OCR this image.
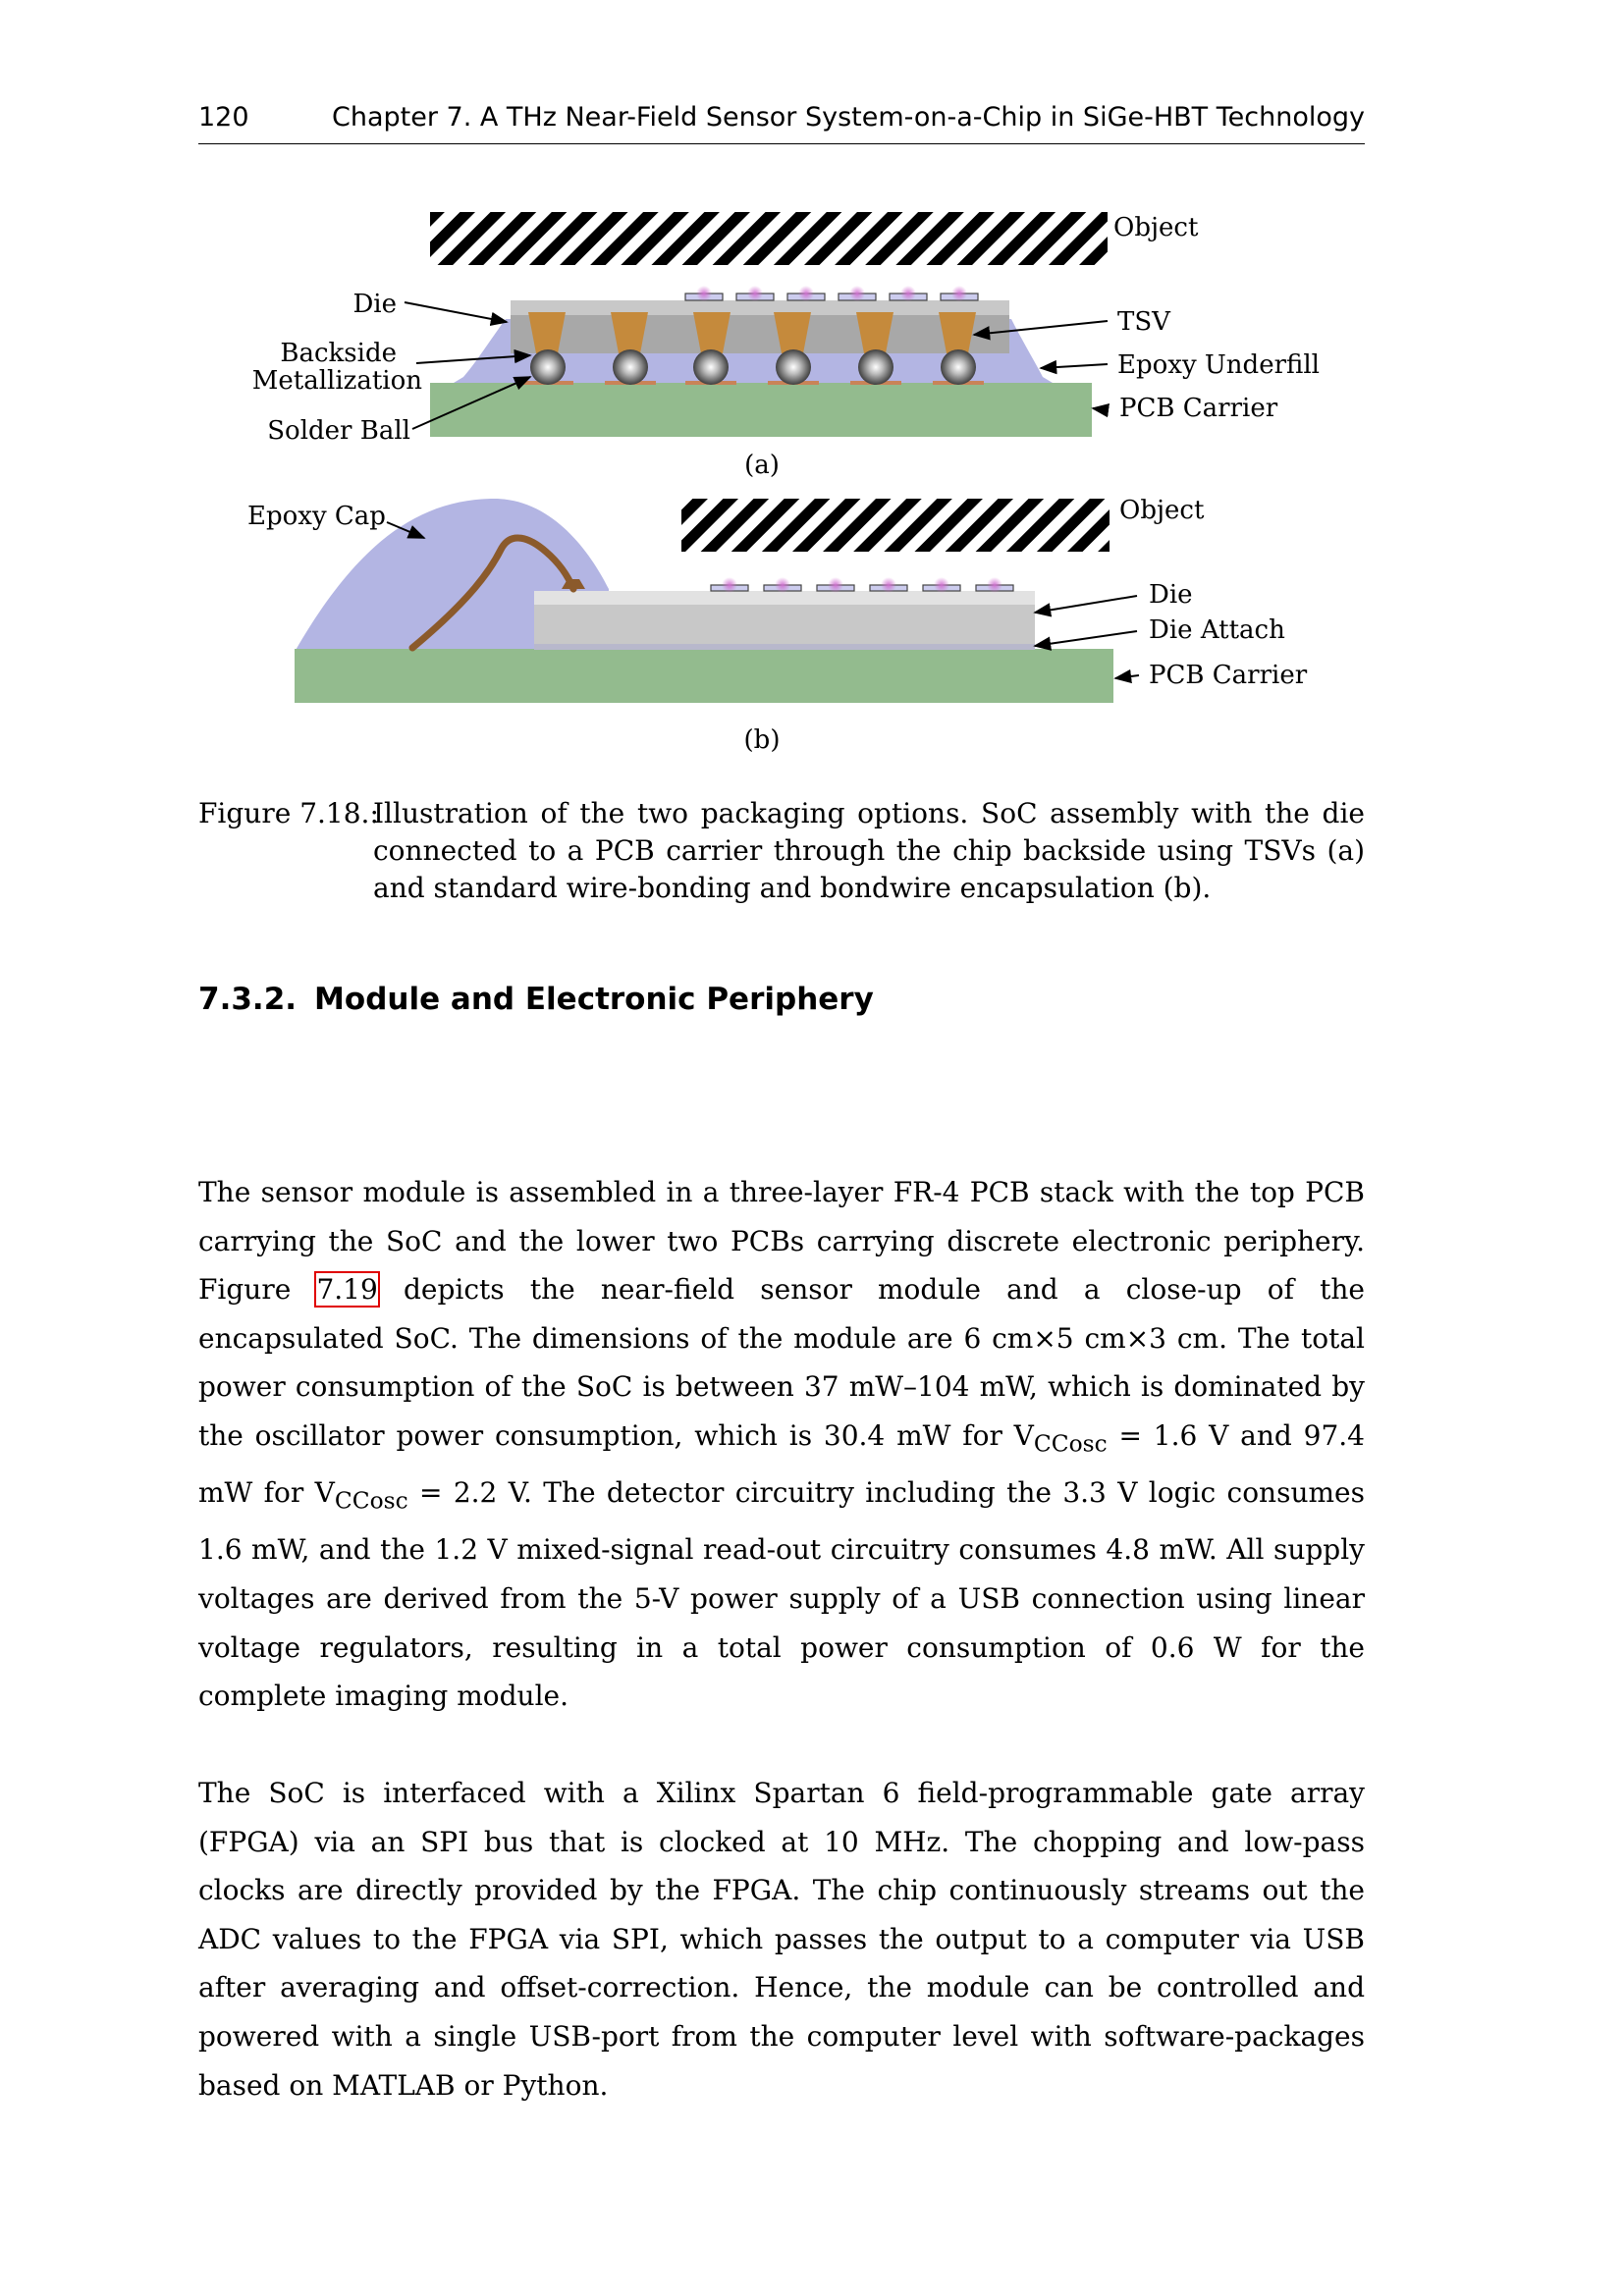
120	Chapter 7. A THz Near-Field Sensor System-on-a-Chip in SiGe-HBT Technology
Object
Die
Backside
Metallization
Solder Ball
TSV
Epoxy Underfill
PCB Carrier
(a)
Epoxy Cap	Object
Die
Die Attach
PCB Carrier
(b)
Figure 7.18.:
Illustration of the two packaging options. SoC assembly with the die connected to a PCB carrier through the chip backside using TSVs (a) and standard wire-bonding and bondwire encapsulation (b).
7.3.2. Module and Electronic Periphery

The sensor module is assembled in a three-layer FR-4 PCB stack with the top PCB carrying the SoC and the lower two PCBs carrying discrete electronic periphery. Figure 7.19 depicts the near-field sensor module and a close-up of the encapsulated SoC. The dimensions of the module are 6 cm×5 cm×3 cm. The total power consumption of the SoC is between 37 mW–104 mW, which is dominated by the oscillator power consumption, which is 30.4 mW for $V_{CCosc} = 1.6$ V and 97.4 mW for $V_{CCosc} = 2.2$ V. The detector circuitry including the 3.3 V logic consumes 1.6 mW, and the 1.2 V mixed-signal read-out circuitry consumes 4.8 mW. All supply voltages are derived from the 5-V power supply of a USB connection using linear voltage regulators, resulting in a total power consumption of 0.6 W for the complete imaging module.

The SoC is interfaced with a Xilinx Spartan 6 field-programmable gate array (FPGA) via an SPI bus that is clocked at 10 MHz. The chopping and low-pass clocks are directly provided by the FPGA. The chip continuously streams out the ADC values to the FPGA via SPI, which passes the output to a computer via USB after averaging and offset-correction. Hence, the module can be controlled and powered with a single USB-port from the computer level with software-packages based on MATLAB or Python.
